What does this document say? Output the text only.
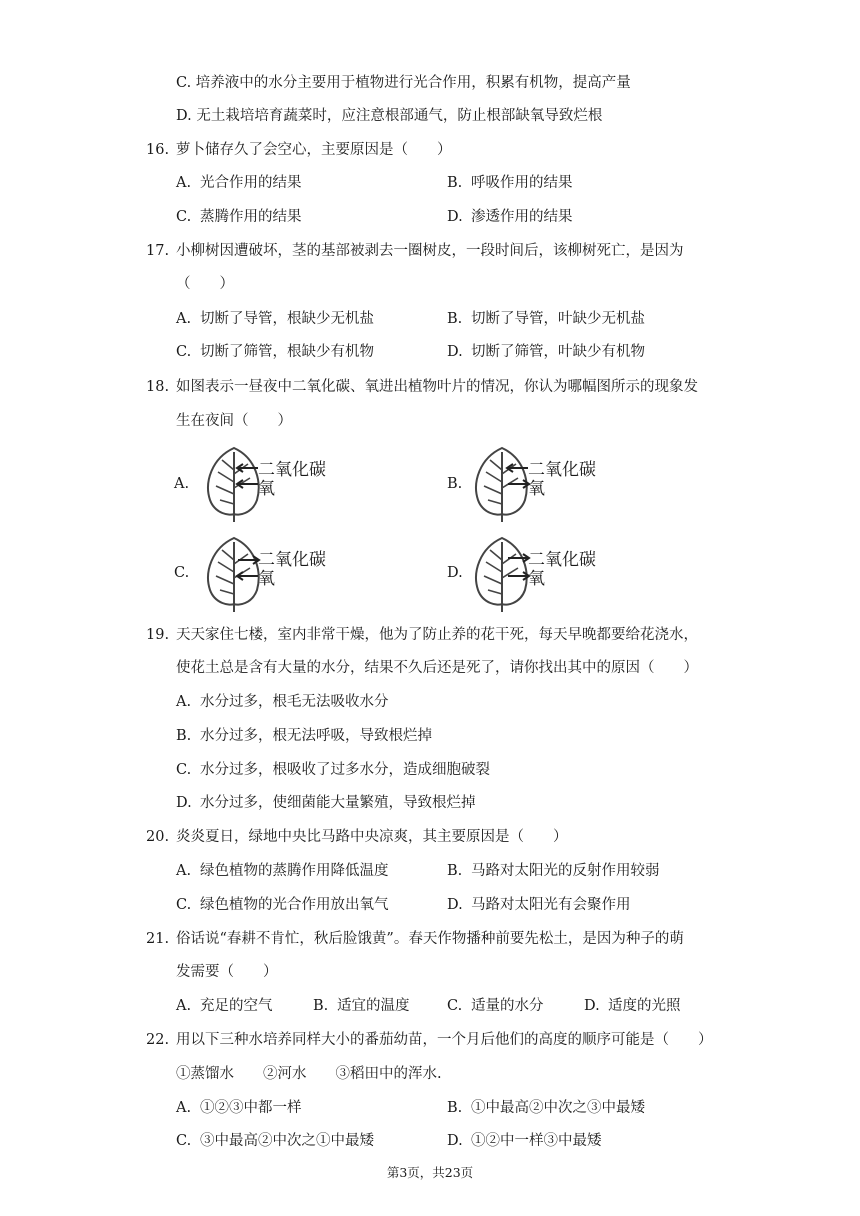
C. 培养液中的水分主要用于植物进行光合作用，积累有机物，提高产量
D. 无土栽培培育蔬菜时，应注意根部通气，防止根部缺氧导致烂根
16. 萝卜储存久了会空心，主要原因是（　　）
A. 光合作用的结果	B. 呼吸作用的结果
C. 蒸腾作用的结果	D. 渗透作用的结果
17. 小柳树因遭破坏，茎的基部被剥去一圈树皮，一段时间后，该柳树死亡，是因为
（　　）
A. 切断了导管，根缺少无机盐	B. 切断了导管，叶缺少无机盐
C. 切断了筛管，根缺少有机物	D. 切断了筛管，叶缺少有机物
18. 如图表示一昼夜中二氧化碳、氧进出植物叶片的情况，你认为哪幅图所示的现象发
生在夜间（　　）
A.
二氧化碳
氧	B.
二氧化碳
氧
C.
二氧化碳
氧	D.
二氧化碳
氧
19. 天天家住七楼，室内非常干燥，他为了防止养的花干死，每天早晚都要给花浇水，
使花土总是含有大量的水分，结果不久后还是死了，请你找出其中的原因（　　）
A. 水分过多，根毛无法吸收水分
B. 水分过多，根无法呼吸，导致根烂掉
C. 水分过多，根吸收了过多水分，造成细胞破裂
D. 水分过多，使细菌能大量繁殖，导致根烂掉
20. 炎炎夏日，绿地中央比马路中央凉爽，其主要原因是（　　）
A. 绿色植物的蒸腾作用降低温度	B. 马路对太阳光的反射作用较弱
C. 绿色植物的光合作用放出氧气	D. 马路对太阳光有会聚作用
21. 俗话说“春耕不肯忙，秋后脸饿黄”。春天作物播种前要先松土，是因为种子的萌
发需要（　　）
A. 充足的空气	B. 适宜的温度	C. 适量的水分	D. 适度的光照
22. 用以下三种水培养同样大小的番茄幼苗，一个月后他们的高度的顺序可能是（　　）
①蒸馏水　　②河水　　③稻田中的浑水.
A. ①②③中都一样	B. ①中最高②中次之③中最矮
C. ③中最高②中次之①中最矮	D. ①②中一样③中最矮
第3页，共23页
